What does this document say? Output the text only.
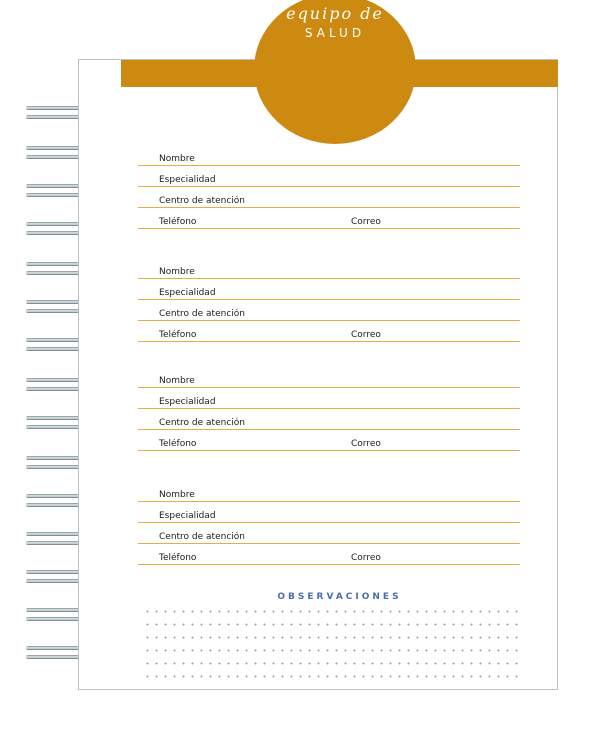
equipo de
SALUD
Nombre
Especialidad
Centro de atención
Teléfono	Correo
Nombre
Especialidad
Centro de atención
Teléfono	Correo
Nombre
Especialidad
Centro de atención
Teléfono	Correo
Nombre
Especialidad
Centro de atención
Teléfono	Correo
OBSERVACIONES
